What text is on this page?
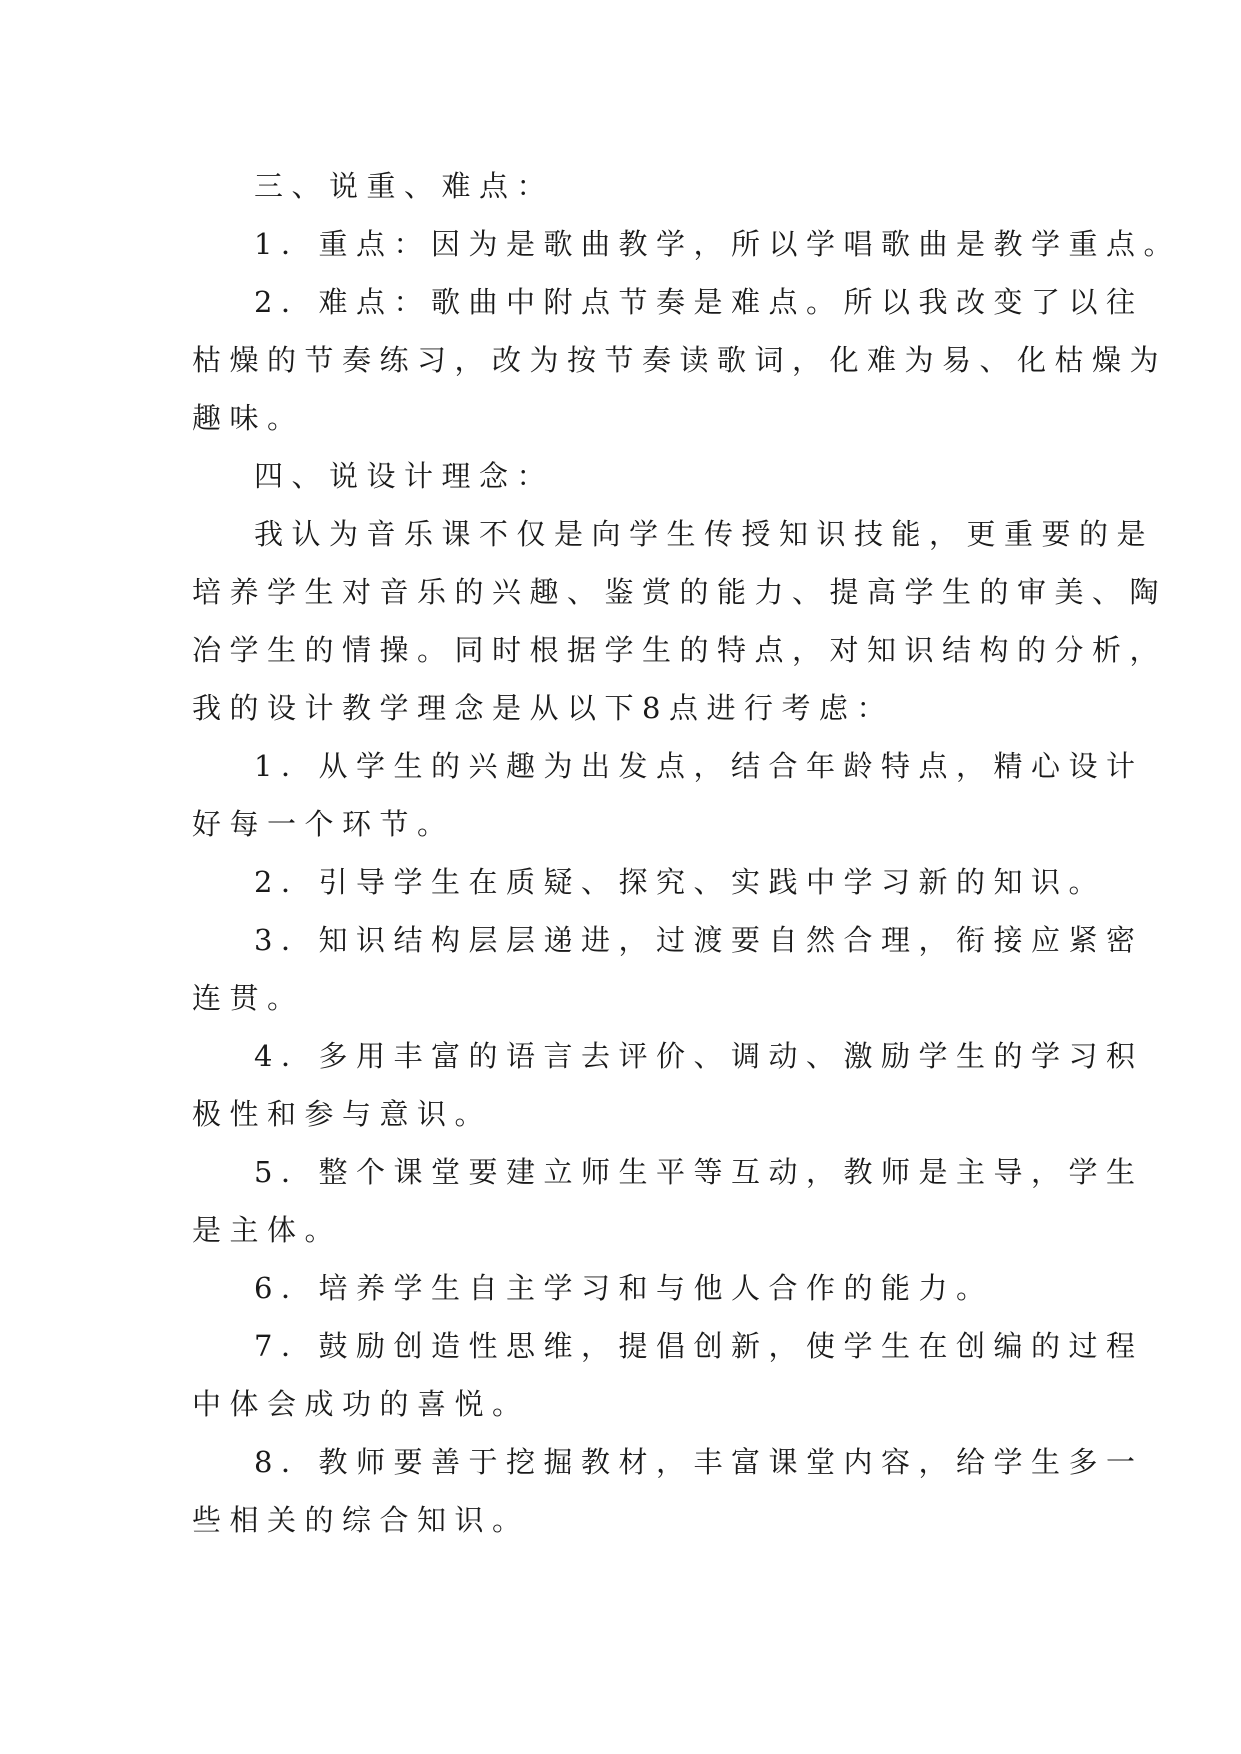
三、说重、难点：
1．重点：因为是歌曲教学，所以学唱歌曲是教学重点。
2．难点：歌曲中附点节奏是难点。所以我改变了以往
枯燥的节奏练习，改为按节奏读歌词，化难为易、化枯燥为
趣味。
四、说设计理念：
我认为音乐课不仅是向学生传授知识技能，更重要的是
培养学生对音乐的兴趣、鉴赏的能力、提高学生的审美、陶
冶学生的情操。同时根据学生的特点，对知识结构的分析，
我的设计教学理念是从以下8点进行考虑：
1．从学生的兴趣为出发点，结合年龄特点，精心设计
好每一个环节。
2．引导学生在质疑、探究、实践中学习新的知识。
3．知识结构层层递进，过渡要自然合理，衔接应紧密
连贯。
4．多用丰富的语言去评价、调动、激励学生的学习积
极性和参与意识。
5．整个课堂要建立师生平等互动，教师是主导，学生
是主体。
6．培养学生自主学习和与他人合作的能力。
7．鼓励创造性思维，提倡创新，使学生在创编的过程
中体会成功的喜悦。
8．教师要善于挖掘教材，丰富课堂内容，给学生多一
些相关的综合知识。
